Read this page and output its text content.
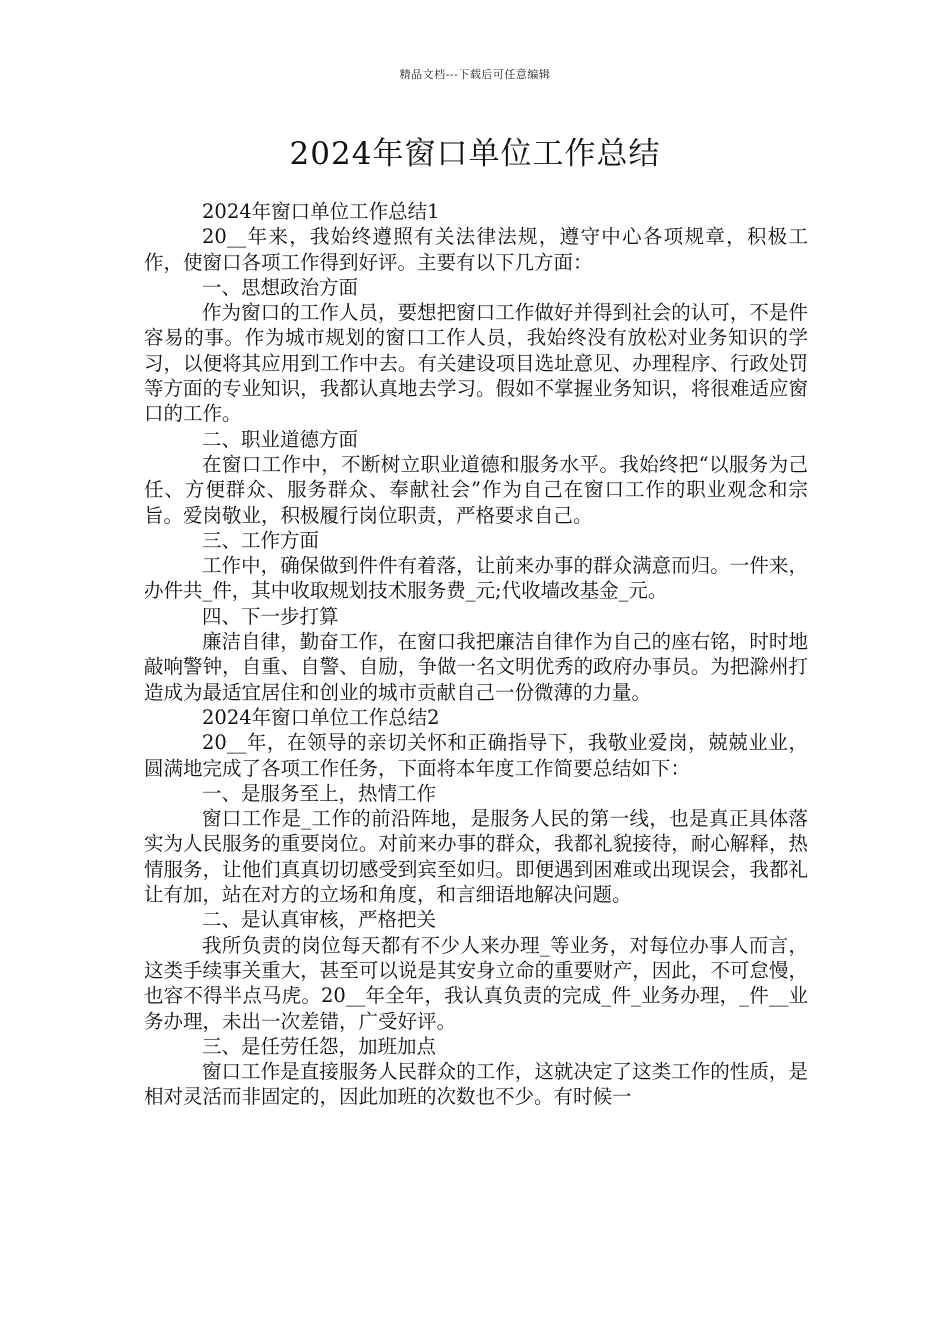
精品文档---下载后可任意编辑
2024年窗口单位工作总结

2024年窗口单位工作总结1

20__年来，我始终遵照有关法律法规，遵守中心各项规章，积极工作，使窗口各项工作得到好评。主要有以下几方面：

一、思想政治方面

作为窗口的工作人员，要想把窗口工作做好并得到社会的认可，不是件容易的事。作为城市规划的窗口工作人员，我始终没有放松对业务知识的学习，以便将其应用到工作中去。有关建设项目选址意见、办理程序、行政处罚等方面的专业知识，我都认真地去学习。假如不掌握业务知识，将很难适应窗口的工作。

二、职业道德方面

在窗口工作中，不断树立职业道德和服务水平。我始终把“以服务为己任、方便群众、服务群众、奉献社会”作为自己在窗口工作的职业观念和宗旨。爱岗敬业，积极履行岗位职责，严格要求自己。

三、工作方面

工作中，确保做到件件有着落，让前来办事的群众满意而归。一件来，办件共_件，其中收取规划技术服务费_元;代收墙改基金_元。

四、下一步打算

廉洁自律，勤奋工作，在窗口我把廉洁自律作为自己的座右铭，时时地敲响警钟，自重、自警、自励，争做一名文明优秀的政府办事员。为把滁州打造成为最适宜居住和创业的城市贡献自己一份微薄的力量。

2024年窗口单位工作总结2

20__年，在领导的亲切关怀和正确指导下，我敬业爱岗，兢兢业业，圆满地完成了各项工作任务，下面将本年度工作简要总结如下：

一、是服务至上，热情工作

窗口工作是_工作的前沿阵地，是服务人民的第一线，也是真正具体落实为人民服务的重要岗位。对前来办事的群众，我都礼貌接待，耐心解释，热情服务，让他们真真切切感受到宾至如归。即便遇到困难或出现误会，我都礼让有加，站在对方的立场和角度，和言细语地解决问题。

二、是认真审核，严格把关

我所负责的岗位每天都有不少人来办理_等业务，对每位办事人而言，这类手续事关重大，甚至可以说是其安身立命的重要财产，因此，不可怠慢，也容不得半点马虎。20__年全年，我认真负责的完成_件_业务办理，_件__业务办理，未出一次差错，广受好评。

三、是任劳任怨，加班加点

窗口工作是直接服务人民群众的工作，这就决定了这类工作的性质，是相对灵活而非固定的，因此加班的次数也不少。有时候一
